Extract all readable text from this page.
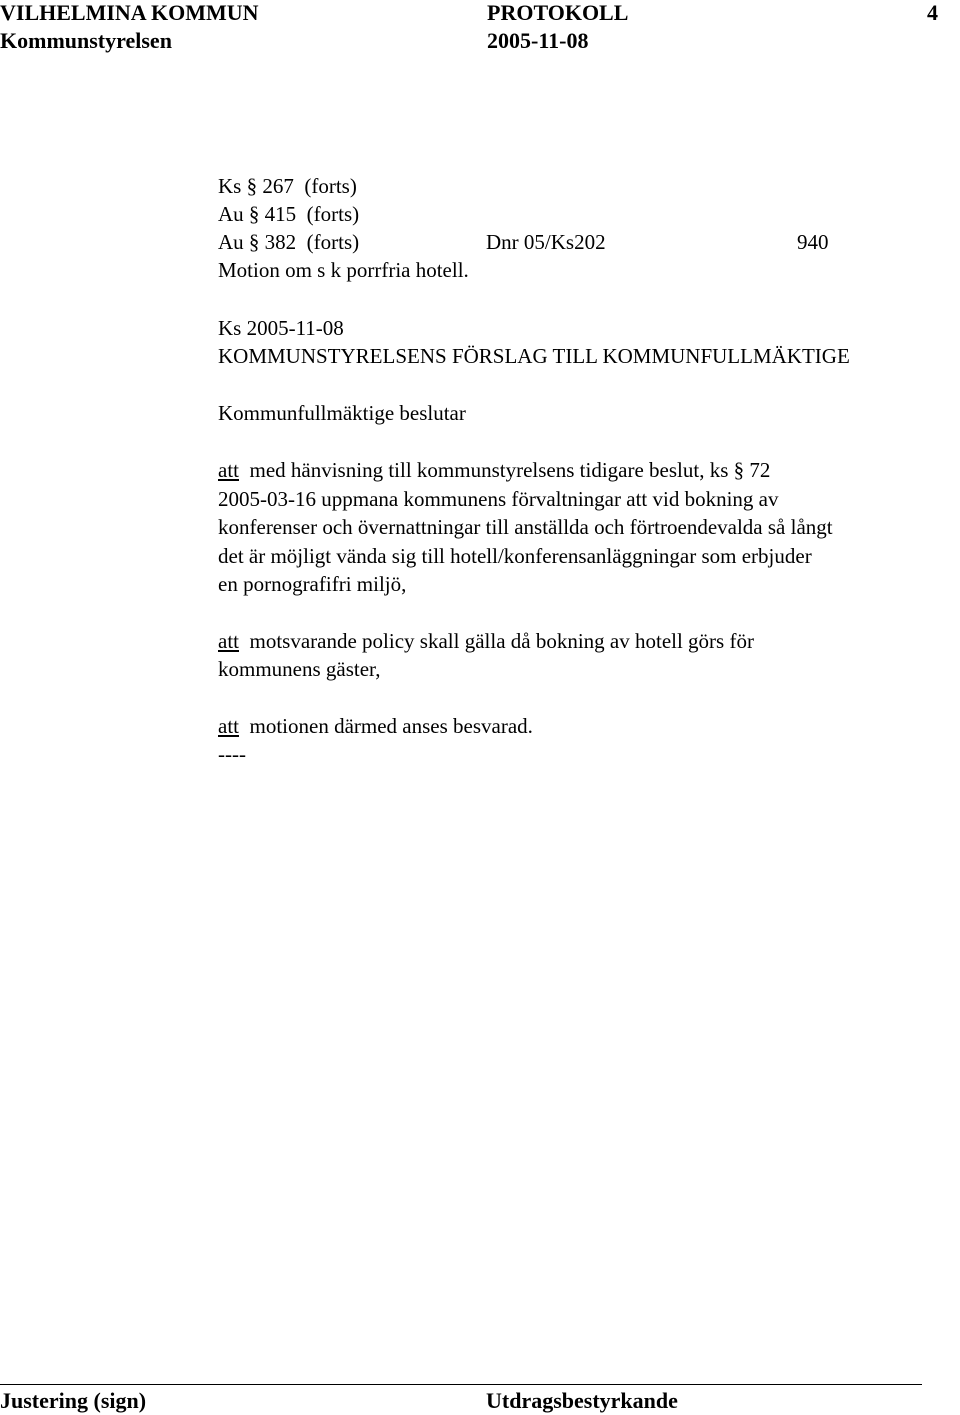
VILHELMINA KOMMUN	PROTOKOLL	4
Kommunstyrelsen	2005-11-08
Ks § 267 (forts)
Au § 415 (forts)
Au § 382 (forts)	Dnr 05/Ks202	940
Motion om s k porrfria hotell.
Ks 2005-11-08
KOMMUNSTYRELSENS FÖRSLAG TILL KOMMUNFULLMÄKTIGE
Kommunfullmäktige beslutar
att med hänvisning till kommunstyrelsens tidigare beslut, ks § 72
2005-03-16 uppmana kommunens förvaltningar att vid bokning av
konferenser och övernattningar till anställda och förtroendevalda så långt
det är möjligt vända sig till hotell/konferensanläggningar som erbjuder
en pornografifri miljö,
att motsvarande policy skall gälla då bokning av hotell görs för
kommunens gäster,
att motionen därmed anses besvarad.
----
Justering (sign)	Utdragsbestyrkande
